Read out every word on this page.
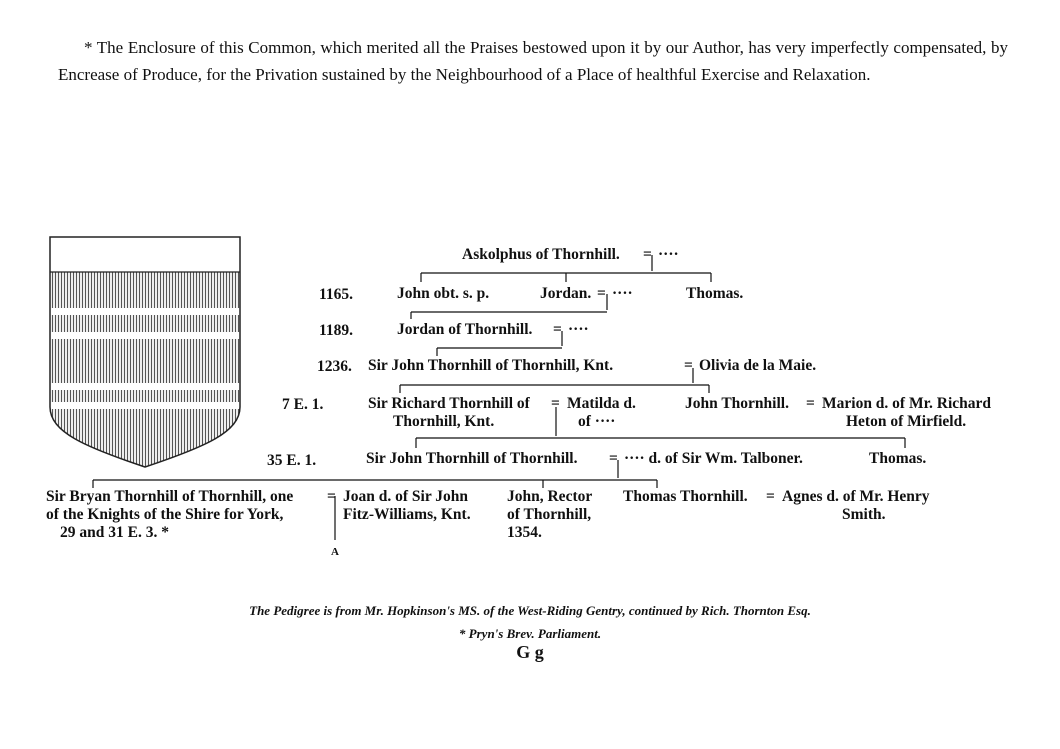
* The Enclosure of this Common, which merited all the Praises bestowed upon it by our Author, has very imperfectly compensated, by Encrease of Produce, for the Privation sustained by the Neighbourhood of a Place of healthful Exercise and Relaxation.
Askolphus of Thornhill. = ····
1165.	John obt. s. p.	Jordan. = ····	Thomas.
1189.	Jordan of Thornhill. = ····
1236. Sir John Thornhill of Thornhill, Knt.	= Olivia de la Maie.
7 E. 1.	Sir Richard Thornhill of
Thornhill, Knt.
= Matilda d.
of ····
John Thornhill. = Marion d. of Mr. Richard
Heton of Mirfield.
35 E. 1.	Sir John Thornhill of Thornhill. = ···· d. of Sir Wm. Talboner.	Thomas.
Sir Bryan Thornhill of Thornhill, one
of the Knights of the Shire for York,
29 and 31 E. 3. *
= Joan d. of Sir John
Fitz-Williams, Knt.
A
John, Rector
of Thornhill,
1354.
Thomas Thornhill. = Agnes d. of Mr. Henry
Smith.
The Pedigree is from Mr. Hopkinson's MS. of the West-Riding Gentry, continued by Rich. Thornton Esq.
* Pryn's Brev. Parliament.
G g
